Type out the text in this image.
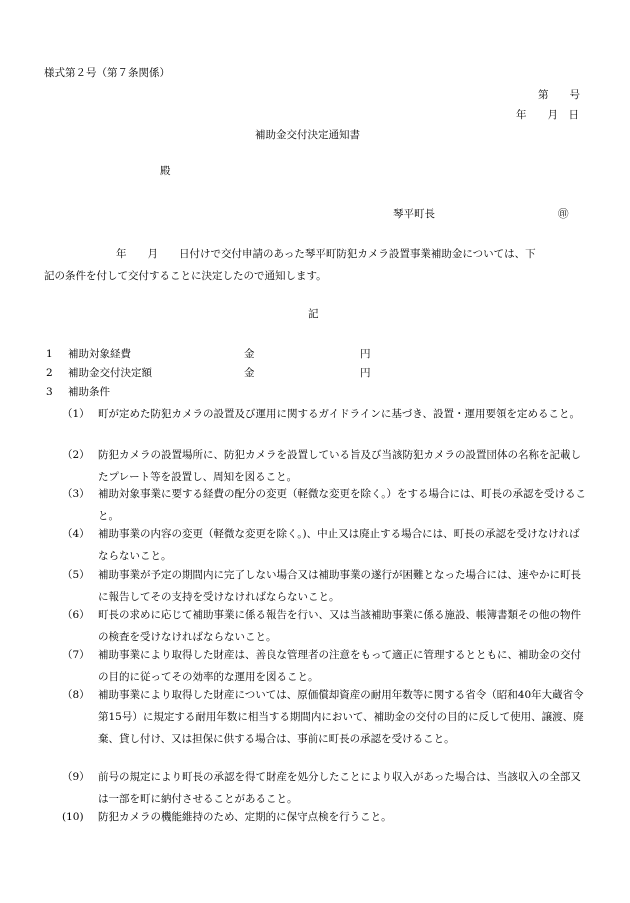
様式第２号（第７条関係）
第　　号
年　　月　日
補助金交付決定通知書
殿
琴平町長	㊞
年　　月　　日付けで交付申請のあった琴平町防犯カメラ設置事業補助金については、下
記の条件を付して交付することに決定したので通知します。
記
1 補助対象経費	金	円
2 補助金交付決定額	金	円
3 補助条件
（1） 町が定めた防犯カメラの設置及び運用に関するガイドラインに基づき、設置・運用要領を定めること。
（2） 防犯カメラの設置場所に、防犯カメラを設置している旨及び当該防犯カメラの設置団体の名称を記載したプレート等を設置し、周知を図ること。
（3） 補助対象事業に要する経費の配分の変更（軽微な変更を除く。）をする場合には、町長の承認を受けること。
（4） 補助事業の内容の変更（軽微な変更を除く。)、中止又は廃止する場合には、町長の承認を受けなければならないこと。
（5） 補助事業が予定の期間内に完了しない場合又は補助事業の遂行が困難となった場合には、速やかに町長に報告してその支持を受けなければならないこと。
（6） 町長の求めに応じて補助事業に係る報告を行い、又は当該補助事業に係る施設、帳簿書類その他の物件の検査を受けなければならないこと。
（7） 補助事業により取得した財産は、善良な管理者の注意をもって適正に管理するとともに、補助金の交付の目的に従ってその効率的な運用を図ること。
（8） 補助事業により取得した財産については、原価償却資産の耐用年数等に関する省令（昭和40年大蔵省令第15号）に規定する耐用年数に相当する期間内において、補助金の交付の目的に反して使用、譲渡、廃棄、貸し付け、又は担保に供する場合は、事前に町長の承認を受けること。
（9） 前号の規定により町長の承認を得て財産を処分したことにより収入があった場合は、当該収入の全部又は一部を町に納付させることがあること。
(10) 防犯カメラの機能維持のため、定期的に保守点検を行うこと。
